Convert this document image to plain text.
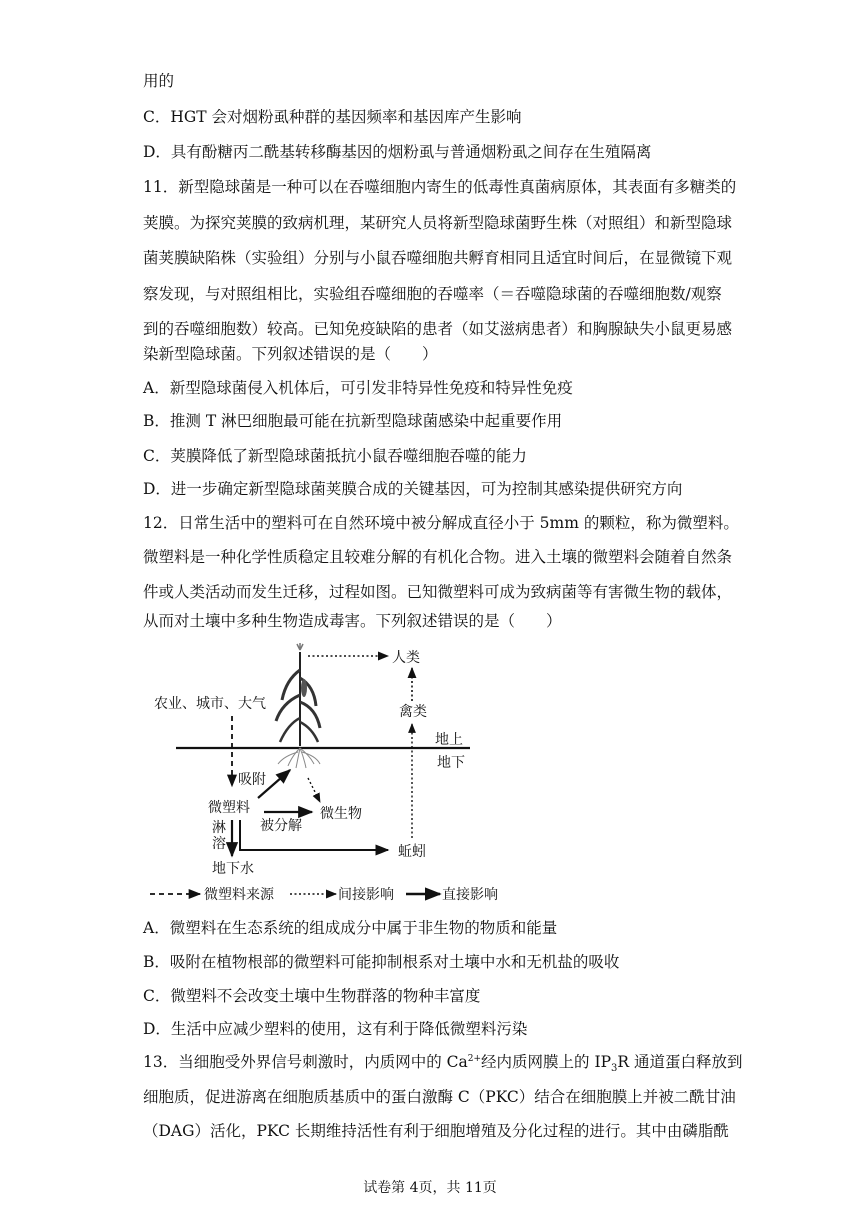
用的
C．HGT 会对烟粉虱种群的基因频率和基因库产生影响
D．具有酚糖丙二酰基转移酶基因的烟粉虱与普通烟粉虱之间存在生殖隔离
11．新型隐球菌是一种可以在吞噬细胞内寄生的低毒性真菌病原体，其表面有多糖类的
荚膜。为探究荚膜的致病机理，某研究人员将新型隐球菌野生株（对照组）和新型隐球
菌荚膜缺陷株（实验组）分别与小鼠吞噬细胞共孵育相同且适宜时间后，在显微镜下观
察发现，与对照组相比，实验组吞噬细胞的吞噬率（＝吞噬隐球菌的吞噬细胞数/观察
到的吞噬细胞数）较高。已知免疫缺陷的患者（如艾滋病患者）和胸腺缺失小鼠更易感
染新型隐球菌。下列叙述错误的是（　　）
A．新型隐球菌侵入机体后，可引发非特异性免疫和特异性免疫
B．推测 T 淋巴细胞最可能在抗新型隐球菌感染中起重要作用
C．荚膜降低了新型隐球菌抵抗小鼠吞噬细胞吞噬的能力
D．进一步确定新型隐球菌荚膜合成的关键基因，可为控制其感染提供研究方向
12．日常生活中的塑料可在自然环境中被分解成直径小于 5mm 的颗粒，称为微塑料。
微塑料是一种化学性质稳定且较难分解的有机化合物。进入土壤的微塑料会随着自然条
件或人类活动而发生迁移，过程如图。已知微塑料可成为致病菌等有害微生物的载体，
从而对土壤中多种生物造成毒害。下列叙述错误的是（　　）
地上
地下
人类
禽类
农业、城市、大气
吸附
微塑料	微生物
被分解
淋
溶	蚯蚓
地下水
微塑料来源	间接影响	直接影响
A．微塑料在生态系统的组成成分中属于非生物的物质和能量
B．吸附在植物根部的微塑料可能抑制根系对土壤中水和无机盐的吸收
C．微塑料不会改变土壤中生物群落的物种丰富度
D．生活中应减少塑料的使用，这有利于降低微塑料污染
13．当细胞受外界信号刺激时，内质网中的 $Ca^{2+}$经内质网膜上的 $IP_3R$ 通道蛋白释放到
细胞质，促进游离在细胞质基质中的蛋白激酶 C（PKC）结合在细胞膜上并被二酰甘油
（DAG）活化，PKC 长期维持活性有利于细胞增殖及分化过程的进行。其中由磷脂酰
试卷第 4页，共 11页
